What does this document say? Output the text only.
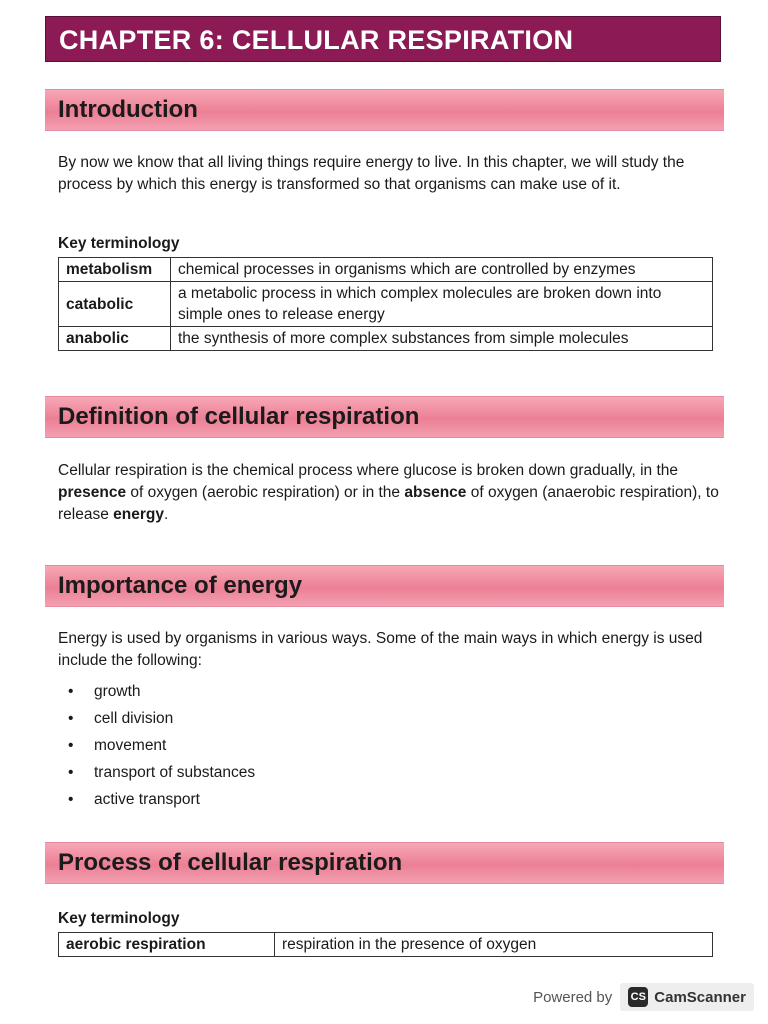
CHAPTER 6: CELLULAR RESPIRATION
Introduction

By now we know that all living things require energy to live. In this chapter, we will study the process by which this energy is transformed so that organisms can make use of it.

Key terminology
metabolism	chemical processes in organisms which are controlled by enzymes
catabolic	a metabolic process in which complex molecules are broken down into simple ones to release energy
anabolic	the synthesis of more complex substances from simple molecules
Definition of cellular respiration

Cellular respiration is the chemical process where glucose is broken down gradually, in the presence of oxygen (aerobic respiration) or in the absence of oxygen (anaerobic respiration), to release energy.

Importance of energy

Energy is used by organisms in various ways. Some of the main ways in which energy is used include the following:

•	growth
•	cell division
•	movement
•	transport of substances
•	active transport
Process of cellular respiration
Key terminology
aerobic respiration	respiration in the presence of oxygen
Powered by CS CamScanner
